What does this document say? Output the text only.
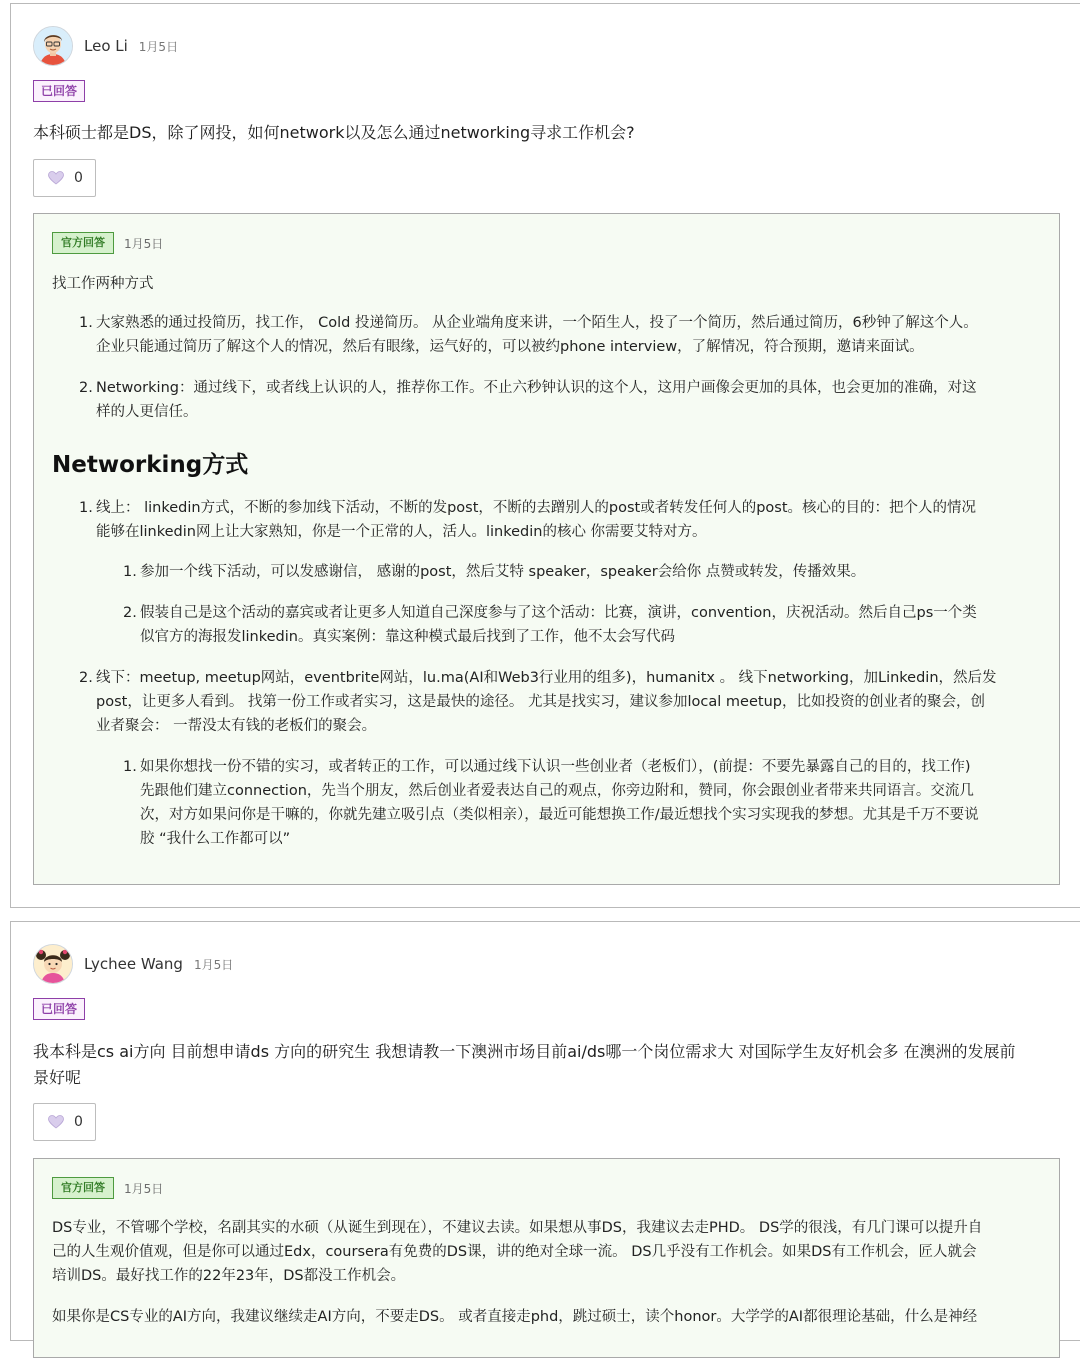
Leo Li 1月5日
已回答
本科硕士都是DS，除了网投，如何network以及怎么通过networking寻求工作机会?
0
官方回答	1月5日
找工作两种方式
1. 大家熟悉的通过投简历，找工作， Cold 投递简历。 从企业端角度来讲，一个陌生人，投了一个简历，然后通过简历，6秒钟了解这个人。
企业只能通过简历了解这个人的情况，然后有眼缘，运气好的，可以被约phone interview，了解情况，符合预期，邀请来面试。
2. Networking：通过线下，或者线上认识的人，推荐你工作。不止六秒钟认识的这个人，这用户画像会更加的具体，也会更加的准确，对这
样的人更信任。
Networking方式
1. 线上： linkedin方式，不断的参加线下活动，不断的发post，不断的去蹭别人的post或者转发任何人的post。核心的目的：把个人的情况
能够在linkedin网上让大家熟知，你是一个正常的人，活人。linkedin的核心 你需要艾特对方。
1. 参加一个线下活动，可以发感谢信， 感谢的post，然后艾特 speaker，speaker会给你 点赞或转发，传播效果。
2. 假装自己是这个活动的嘉宾或者让更多人知道自己深度参与了这个活动：比赛，演讲，convention，庆祝活动。然后自己ps一个类
似官方的海报发linkedin。真实案例：靠这种模式最后找到了工作，他不太会写代码
2. 线下：meetup, meetup网站，eventbrite网站，lu.ma(AI和Web3行业用的组多)，humanitx 。 线下networking，加Linkedin，然后发
post，让更多人看到。 找第一份工作或者实习，这是最快的途径。 尤其是找实习，建议参加local meetup，比如投资的创业者的聚会，创
业者聚会： 一帮没太有钱的老板们的聚会。
1. 如果你想找一份不错的实习，或者转正的工作，可以通过线下认识一些创业者（老板们），(前提：不要先暴露自己的目的，找工作)
先跟他们建立connection，先当个朋友，然后创业者爱表达自己的观点，你旁边附和，赞同，你会跟创业者带来共同语言。交流几
次，对方如果问你是干嘛的，你就先建立吸引点（类似相亲），最近可能想换工作/最近想找个实习实现我的梦想。尤其是千万不要说
㬵 “我什么工作都可以”
Lychee Wang 1月5日
已回答
我本科是cs ai方向 目前想申请ds 方向的研究生 我想请教一下澳洲市场目前ai/ds哪一个岗位需求大 对国际学生友好机会多 在澳洲的发展前
景好呢
0
官方回答	1月5日
DS专业，不管哪个学校，名副其实的水硕（从诞生到现在），不建议去读。如果想从事DS，我建议去走PHD。 DS学的很浅，有几门课可以提升自
己的人生观价值观，但是你可以通过Edx，coursera有免费的DS课，讲的绝对全球一流。 DS几乎没有工作机会。如果DS有工作机会，匠人就会
培训DS。最好找工作的22年23年，DS都没工作机会。
如果你是CS专业的AI方向，我建议继续走AI方向，不要走DS。 或者直接走phd，跳过硕士，读个honor。大学学的AI都很理论基础，什么是神经
